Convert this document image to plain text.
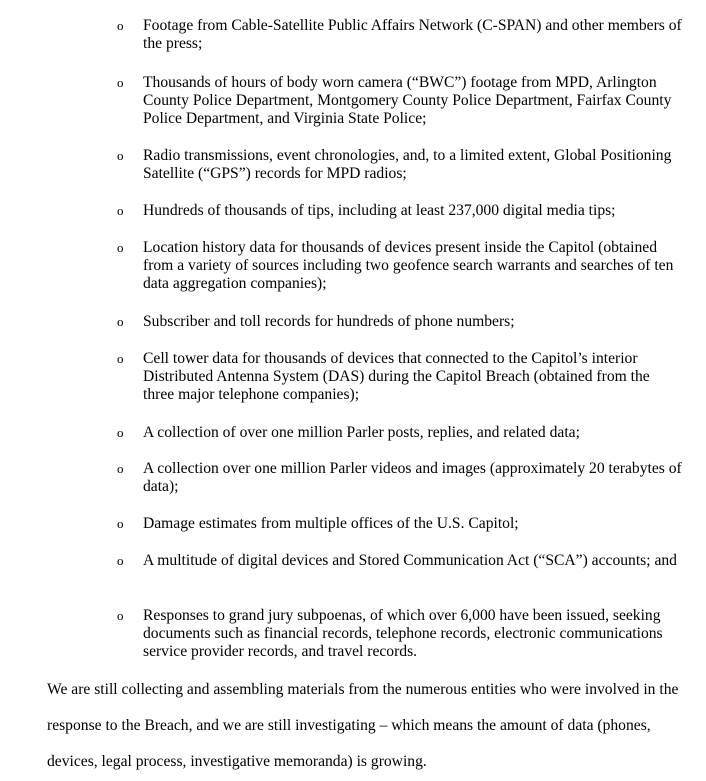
o Footage from Cable-Satellite Public Affairs Network (C-SPAN) and other members of the press;
o Thousands of hours of body worn camera (“BWC”) footage from MPD, Arlington County Police Department, Montgomery County Police Department, Fairfax County Police Department, and Virginia State Police;
o Radio transmissions, event chronologies, and, to a limited extent, Global Positioning Satellite (“GPS”) records for MPD radios;
o Hundreds of thousands of tips, including at least 237,000 digital media tips;
o Location history data for thousands of devices present inside the Capitol (obtained from a variety of sources including two geofence search warrants and searches of ten data aggregation companies);
o Subscriber and toll records for hundreds of phone numbers;
o Cell tower data for thousands of devices that connected to the Capitol’s interior Distributed Antenna System (DAS) during the Capitol Breach (obtained from the three major telephone companies);
o A collection of over one million Parler posts, replies, and related data;
o A collection over one million Parler videos and images (approximately 20 terabytes of data);
o Damage estimates from multiple offices of the U.S. Capitol;
o A multitude of digital devices and Stored Communication Act (“SCA”) accounts; and
o Responses to grand jury subpoenas, of which over 6,000 have been issued, seeking documents such as financial records, telephone records, electronic communications service provider records, and travel records.
We are still collecting and assembling materials from the numerous entities who were involved in the response to the Breach, and we are still investigating – which means the amount of data (phones, devices, legal process, investigative memoranda) is growing.
